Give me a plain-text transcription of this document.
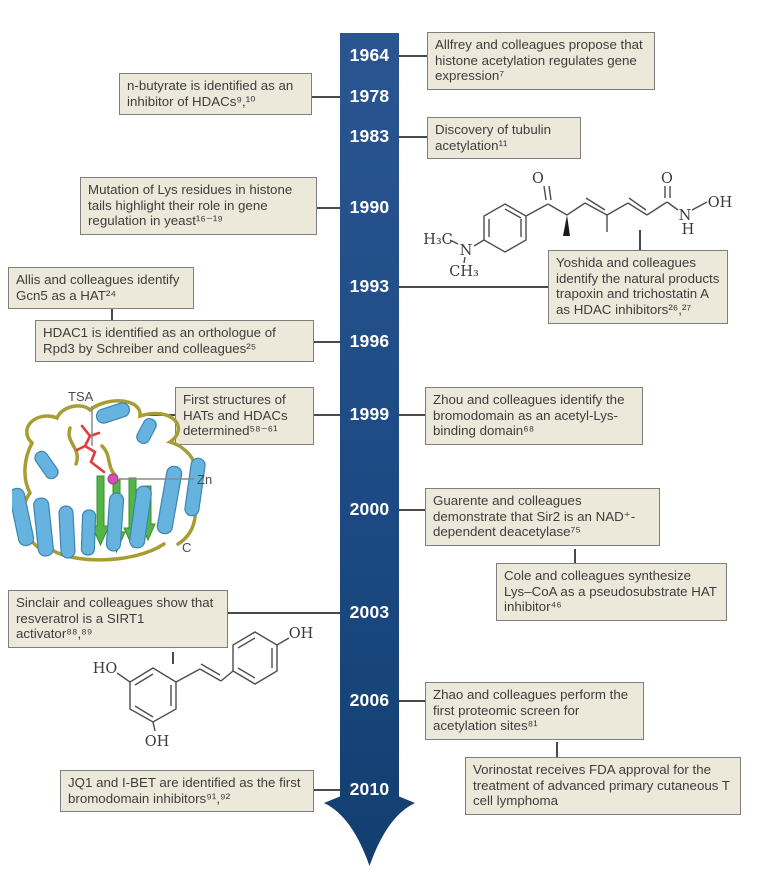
1964
1978
1983
1990
1993
1996
1999
2000
2003
2006
2010
n-butyrate is identified as an inhibitor of HDACs⁹,¹⁰
Mutation of Lys residues in histone tails highlight their role in gene regulation in yeast¹⁶⁻¹⁹
Allis and colleagues identify Gcn5 as a HAT²⁴
HDAC1 is identified as an orthologue of Rpd3 by Schreiber and colleagues²⁵
First structures of HATs and HDACs determined⁵⁸⁻⁶¹
Sinclair and colleagues show that resveratrol is a SIRT1 activator⁸⁸,⁸⁹
JQ1 and I-BET are identified as the first bromodomain inhibitors⁹¹,⁹²
Allfrey and colleagues propose that histone acetylation regulates gene expression⁷
Discovery of tubulin acetylation¹¹
Yoshida and colleagues identify the natural products trapoxin and trichostatin A as HDAC inhibitors²⁶,²⁷
Zhou and colleagues identify the bromodomain as an acetyl-Lys-binding domain⁶⁸
Guarente and colleagues demonstrate that Sir2 is an NAD⁺-dependent deacetylase⁷⁵
Cole and colleagues synthesize Lys–CoA as a pseudosubstrate HAT inhibitor⁴⁶
Zhao and colleagues perform the first proteomic screen for acetylation sites⁸¹
Vorinostat receives FDA approval for the treatment of advanced primary cutaneous T cell lymphoma
TSA
Zn
C
O	O
N
H
OH
H₃C
N
CH₃
HO
OH
OH
